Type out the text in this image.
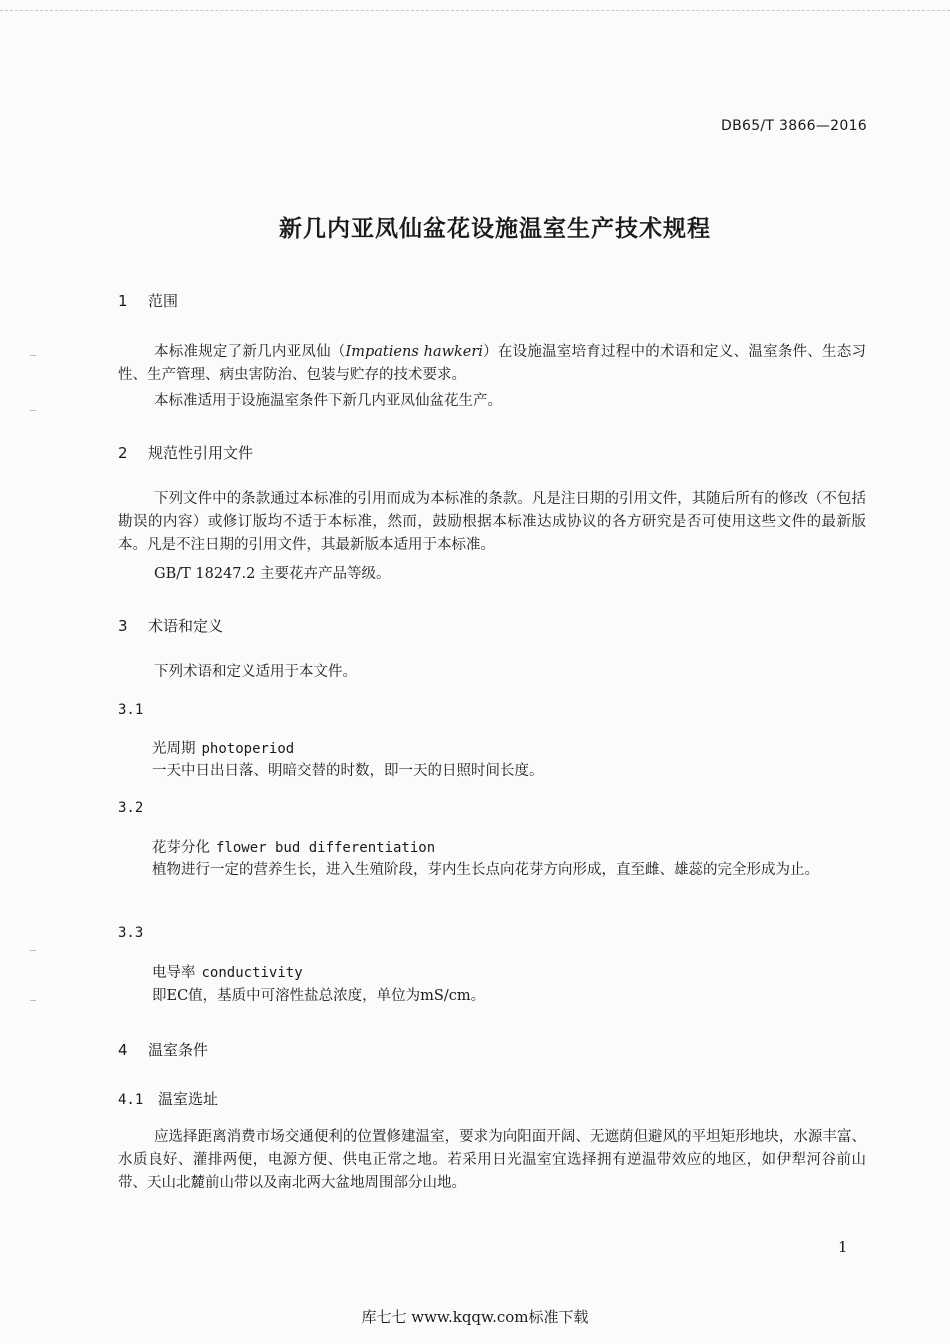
DB65/T 3866—2016
新几内亚凤仙盆花设施温室生产技术规程
1 范围
本标准规定了新几内亚凤仙（Impatiens hawkeri）在设施温室培育过程中的术语和定义、温室条件、生态习性、生产管理、病虫害防治、包装与贮存的技术要求。
本标准适用于设施温室条件下新几内亚凤仙盆花生产。
2 规范性引用文件
下列文件中的条款通过本标准的引用而成为本标准的条款。凡是注日期的引用文件，其随后所有的修改（不包括勘误的内容）或修订版均不适于本标准，然而，鼓励根据本标准达成协议的各方研究是否可使用这些文件的最新版本。凡是不注日期的引用文件，其最新版本适用于本标准。
GB/T 18247.2 主要花卉产品等级。
3 术语和定义
下列术语和定义适用于本文件。
3.1
光周期 photoperiod
一天中日出日落、明暗交替的时数，即一天的日照时间长度。
3.2
花芽分化 flower bud differentiation
植物进行一定的营养生长，进入生殖阶段，芽内生长点向花芽方向形成，直至雌、雄蕊的完全形成为止。
3.3
电导率 conductivity
即EC值，基质中可溶性盐总浓度，单位为mS/cm。
4 温室条件
4.1 温室选址
应选择距离消费市场交通便利的位置修建温室，要求为向阳面开阔、无遮荫但避风的平坦矩形地块，水源丰富、水质良好、灌排两便，电源方便、供电正常之地。若采用日光温室宜选择拥有逆温带效应的地区，如伊犁河谷前山带、天山北麓前山带以及南北两大盆地周围部分山地。
1
库七七 www.kqqw.com标准下载
